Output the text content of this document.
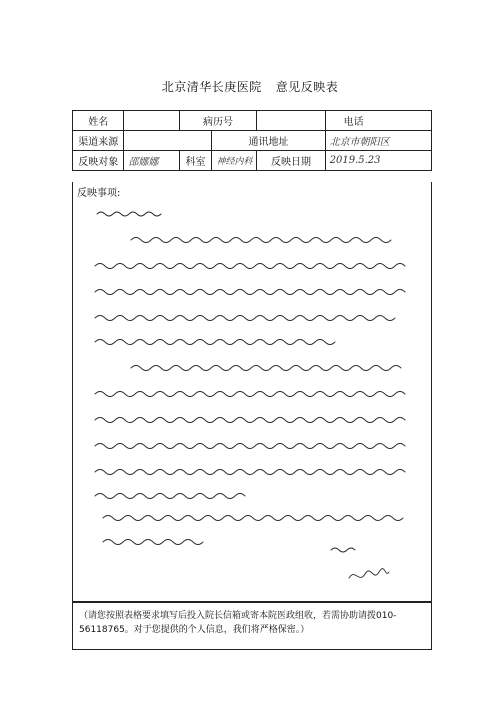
北京清华长庚医院 意见反映表
姓名		病历号			电话
渠道来源			通讯地址		北京市朝阳区
反映对象	邵娜娜	科室	神经内科	反映日期	2019.5.23
反映事项:
（请您按照表格要求填写后投入院长信箱或寄本院医政组收，若需协助请拨010-56118765。对于您提供的个人信息，我们将严格保密。）
